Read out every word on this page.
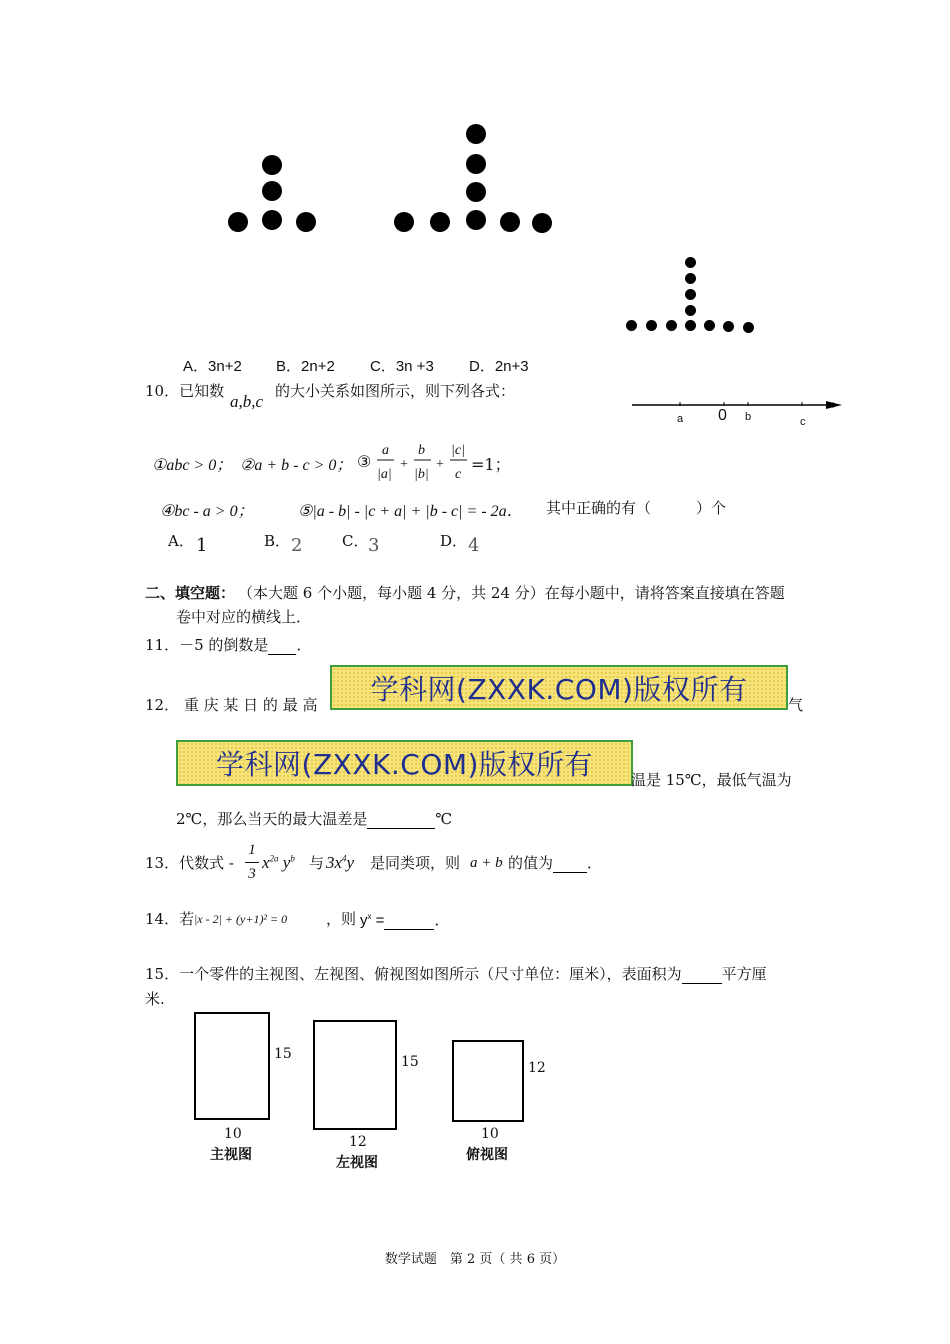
A．3n+2 B．2n+2 C．3n +3 D．2n+3
10．已知数
a,b,c
的大小关系如图所示，则下列各式：
a 0 b	c
①abc > 0； ②a + b - c > 0； ③
a
|a|
+
b
|b|
+
|c|
c
=1；
④bc - a > 0；	⑤|a - b| - |c + a| + |b - c| = - 2a． 其中正确的有（　　　）个
A． 1	B． 2	C． 3	D． 4
二、填空题： （本大题 6 个小题，每小题 4 分，共 24 分）在每小题中，请将答案直接填在答题
卷中对应的横线上．
11．－5 的倒数是 ．
12． 重 庆 某 日 的 最 高	学科网(ZXXK.COM)版权所有	气
学科网(ZXXK.COM)版权所有	温是 15℃，最低气温为
2℃，那么当天的最大温差是	℃
13．代数式 -
1
3
$x^{2a}$ $y^b$ 与 $3x^4y$ 是同类项，则 a + b 的值为 ．
14．若 |x - 2| + (y+1)² = 0	，则 $y^x$ =	．
15．一个零件的主视图、左视图、俯视图如图所示（尺寸单位：厘米），表面积为	平方厘
米.
15
10
主视图
15
12
左视图
12
10
俯视图
数学试题　第 2 页（ 共 6 页）
